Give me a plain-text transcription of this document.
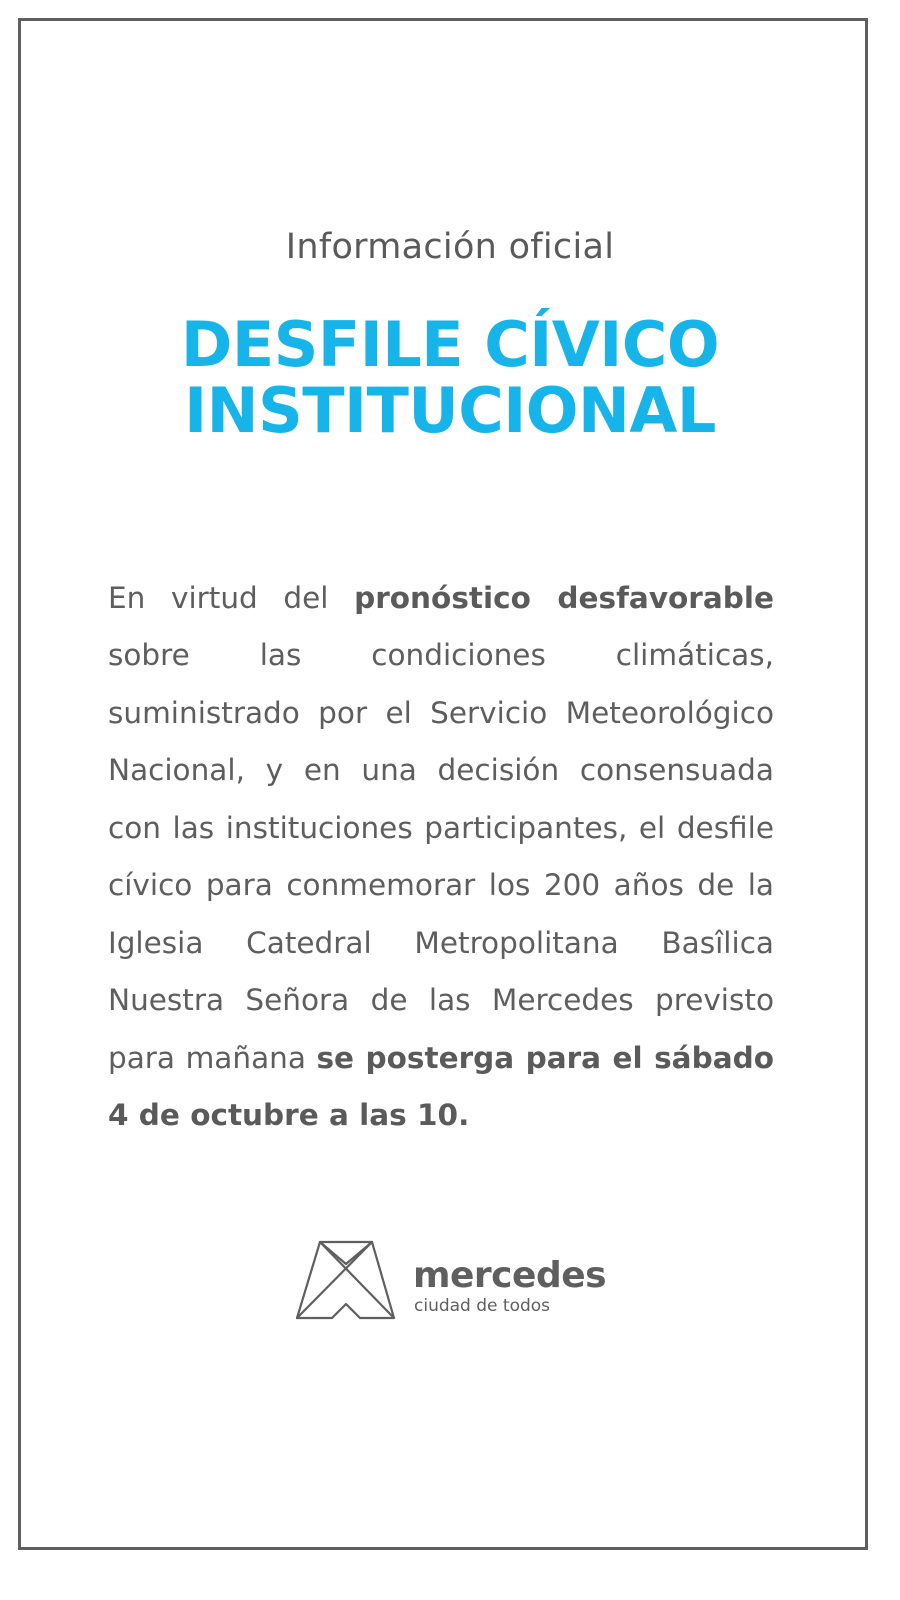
Información oficial
DESFILE CÍVICO
INSTITUCIONAL

En virtud del pronóstico desfavorable sobre las condiciones climáticas, suministrado por el Servicio Meteorológico Nacional, y en una decisión consensuada con las instituciones participantes, el desfile cívico para conmemorar los 200 años de la Iglesia Catedral Metropolitana Basîlica Nuestra Señora de las Mercedes previsto para mañana se posterga para el sábado 4 de octubre a las 10.

mercedes
ciudad de todos
